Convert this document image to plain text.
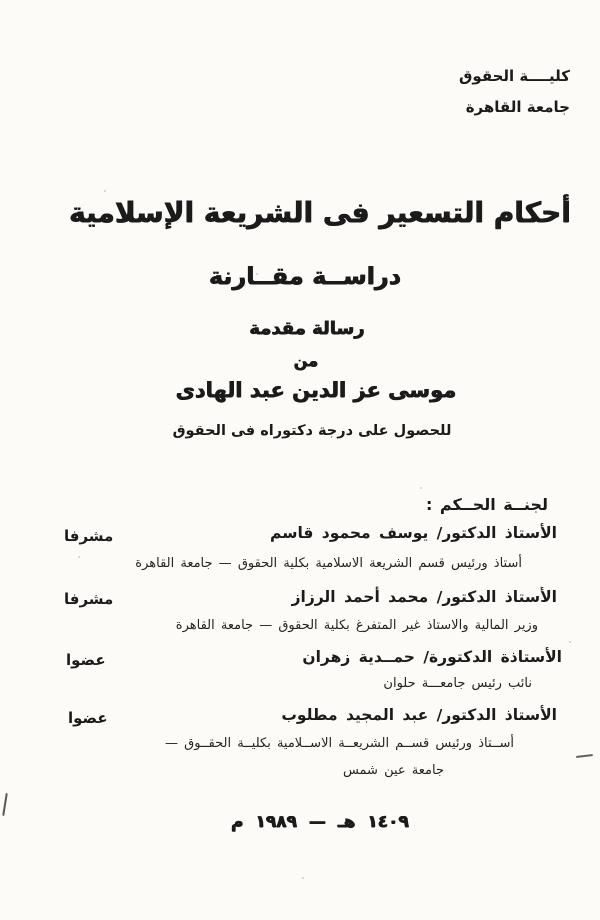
كليــــة الحقوق
جامعة القاهرة
أحكام التسعير فى الشريعة الإسلامية
دراســة مقــارنة
رسالة مقدمة
من
موسى عز الدين عبد الهادى
للحصول على درجة دكتوراه فى الحقوق
لجنــة الحــكم :
الأستاذ الدكتور/ يوسف محمود قاسم
مشرفا
أستاذ ورئيس قسم الشريعة الاسلامية بكلية الحقوق — جامعة القاهرة
الأستاذ الدكتور/ محمد أحمد الرزاز
مشرفا
وزير المالية والاستاذ غير المتفرغ بكلية الحقوق — جامعة القاهرة
الأستاذة الدكتورة/ حمــدية زهران
عضوا
نائب رئيس جامعـــة حلوان
الأستاذ الدكتور/ عبد المجيد مطلوب
عضوا
أســتاذ ورئيس قســم الشريعــة الاســلامية بكليــة الحقــوق —
جامعة عين شمس
١٤٠٩ هـ — ١٩٨٩ م
